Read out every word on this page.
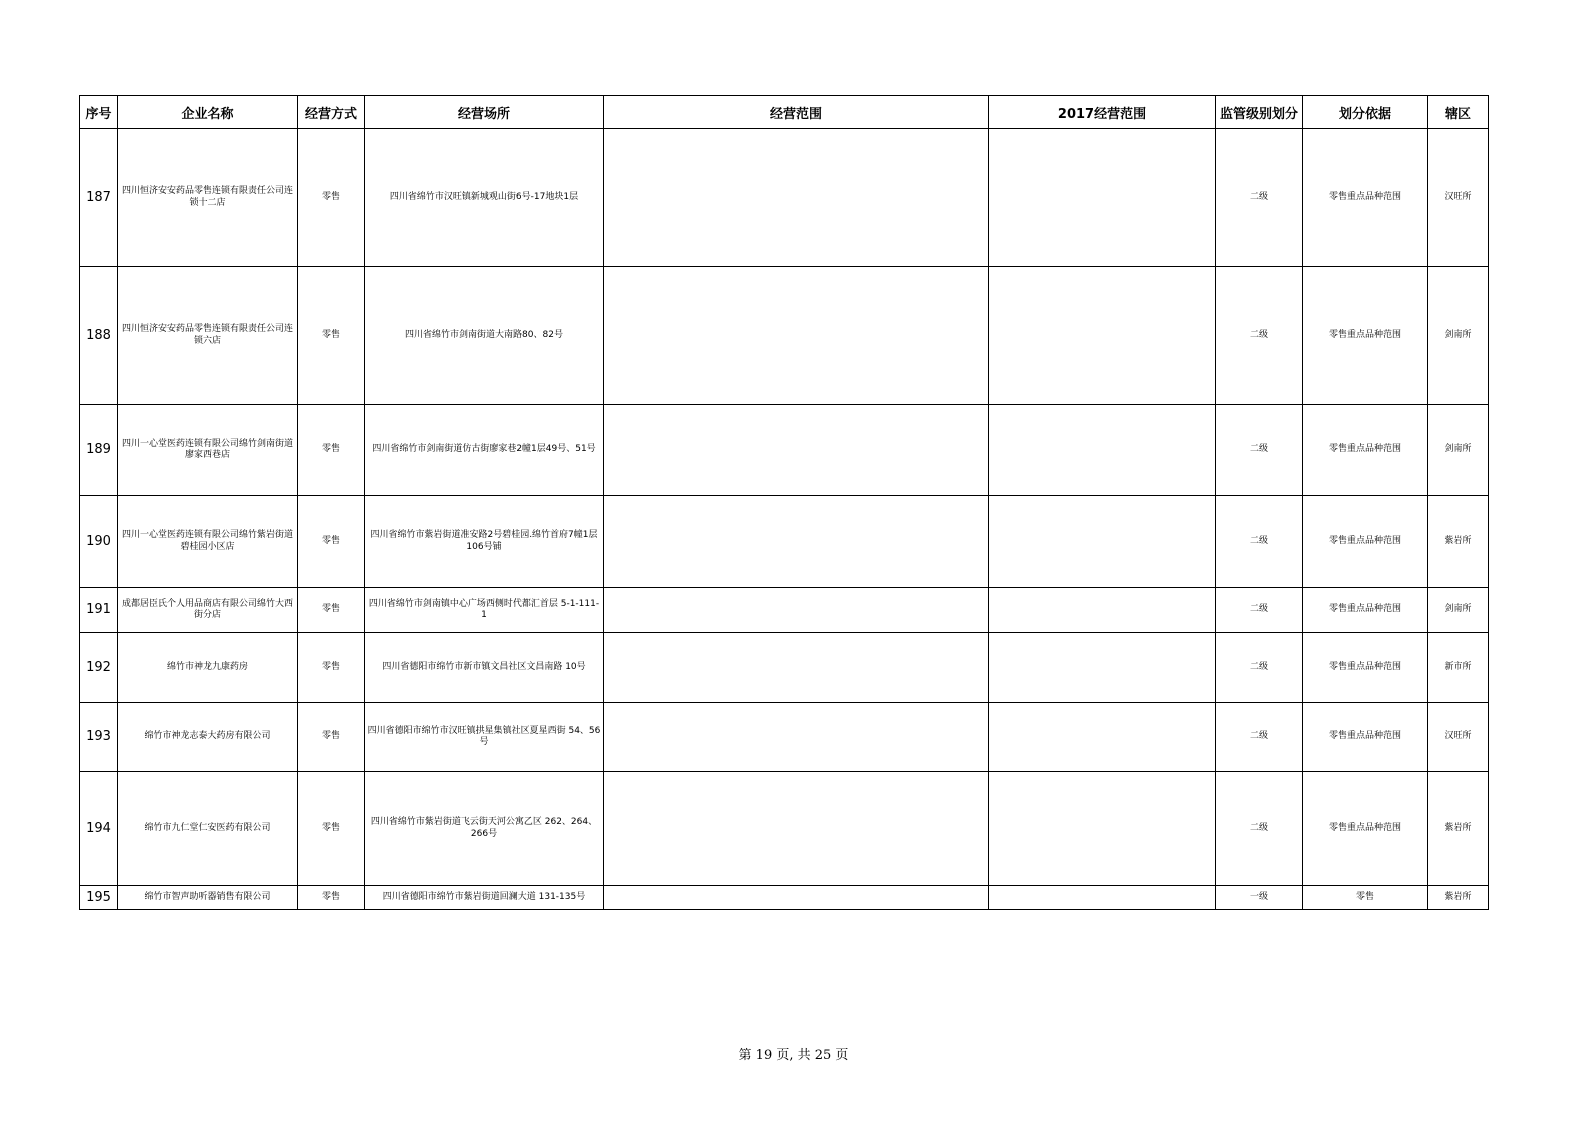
序号	企业名称	经营方式	经营场所	经营范围	2017经营范围	监管级别划分	划分依据	辖区
187	四川恒济安安药品零售连锁有限责任公司连锁十二店	零售	四川省绵竹市汉旺镇新城观山街6号-17地块1层			二级	零售重点品种范围	汉旺所
188	四川恒济安安药品零售连锁有限责任公司连锁六店	零售	四川省绵竹市剑南街道大南路80、82号			二级	零售重点品种范围	剑南所
189	四川一心堂医药连锁有限公司绵竹剑南街道廖家西巷店	零售	四川省绵竹市剑南街道仿古街廖家巷2幢1层49号、51号			二级	零售重点品种范围	剑南所
190	四川一心堂医药连锁有限公司绵竹紫岩街道碧桂园小区店	零售	四川省绵竹市紫岩街道准安路2号碧桂园.绵竹首府7幢1层106号铺			二级	零售重点品种范围	紫岩所
191	成都居臣氏个人用品商店有限公司绵竹大西街分店	零售	四川省绵竹市剑南镇中心广场西侧时代都汇首层 5-1-111-1			二级	零售重点品种范围	剑南所
192	绵竹市神龙九康药房	零售	四川省德阳市绵竹市新市镇文昌社区文昌南路 10号			二级	零售重点品种范围	新市所
193	绵竹市神龙志泰大药房有限公司	零售	四川省德阳市绵竹市汉旺镇拱星集镇社区夏星西街 54、56号			二级	零售重点品种范围	汉旺所
194	绵竹市九仁堂仁安医药有限公司	零售	四川省绵竹市紫岩街道飞云街天河公寓乙区 262、264、266号			二级	零售重点品种范围	紫岩所
195	绵竹市智声助听器销售有限公司	零售	四川省德阳市绵竹市紫岩街道回澜大道 131-135号			一级	零售	紫岩所
第 19 页, 共 25 页
